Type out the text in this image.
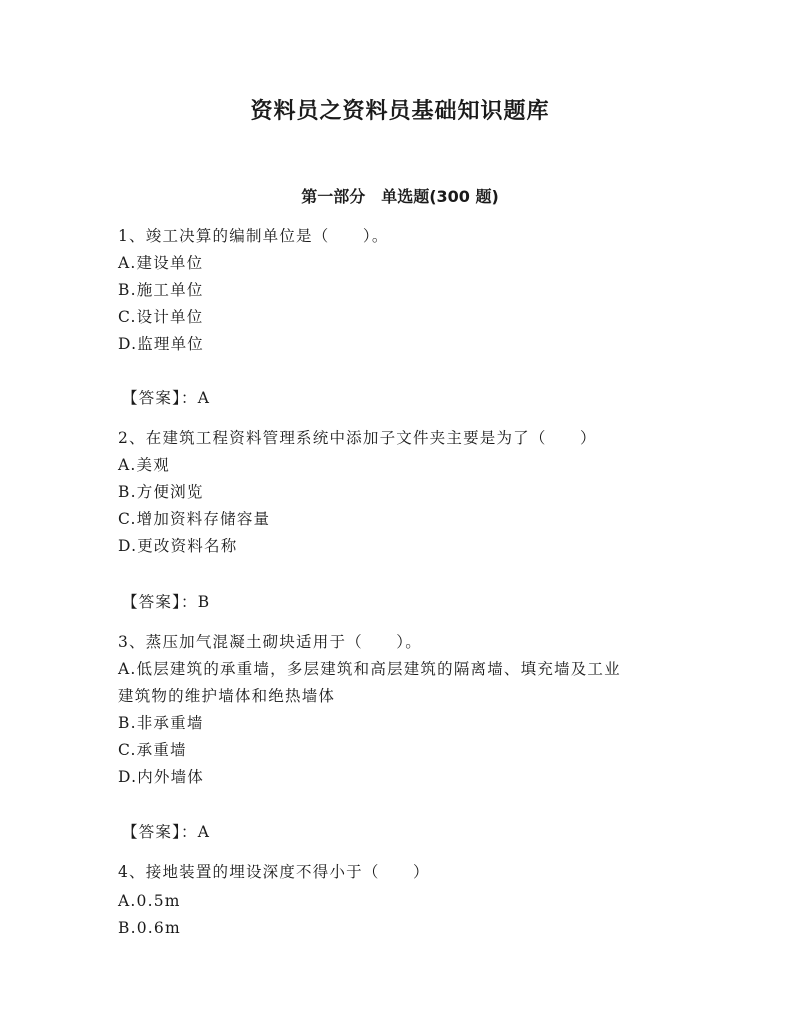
资料员之资料员基础知识题库
第一部分　单选题(300 题)
1、竣工决算的编制单位是（　　）。
A.建设单位
B.施工单位
C.设计单位
D.监理单位
【答案】：A
2、在建筑工程资料管理系统中添加子文件夹主要是为了（　　）
A.美观
B.方便浏览
C.增加资料存储容量
D.更改资料名称
【答案】：B
3、蒸压加气混凝土砌块适用于（　　）。
A.低层建筑的承重墙，多层建筑和高层建筑的隔离墙、填充墙及工业
建筑物的维护墙体和绝热墙体
B.非承重墙
C.承重墙
D.内外墙体
【答案】：A
4、接地装置的埋设深度不得小于（　　）
A.0.5m
B.0.6m
